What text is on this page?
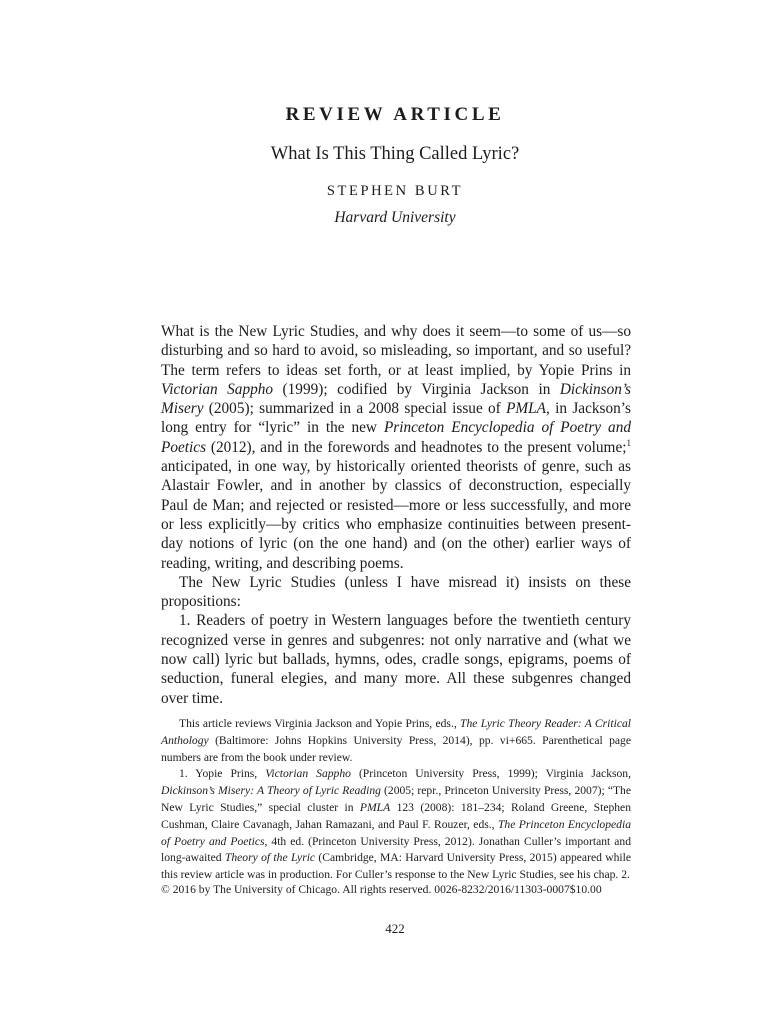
REVIEW ARTICLE
What Is This Thing Called Lyric?

STEPHEN BURT

Harvard University

What is the New Lyric Studies, and why does it seem—to some of us—so disturbing and so hard to avoid, so misleading, so important, and so useful? The term refers to ideas set forth, or at least implied, by Yopie Prins in Victorian Sappho (1999); codified by Virginia Jackson in Dickinson’s Misery (2005); summarized in a 2008 special issue of PMLA, in Jackson’s long entry for “lyric” in the new Princeton Encyclopedia of Poetry and Poetics (2012), and in the forewords and headnotes to the present volume;$^1$ anticipated, in one way, by historically oriented theorists of genre, such as Alastair Fowler, and in another by classics of deconstruction, especially Paul de Man; and rejected or resisted—more or less successfully, and more or less explicitly—by critics who emphasize continuities between present-day notions of lyric (on the one hand) and (on the other) earlier ways of reading, writing, and describing poems.

The New Lyric Studies (unless I have misread it) insists on these propositions:

1. Readers of poetry in Western languages before the twentieth century recognized verse in genres and subgenres: not only narrative and (what we now call) lyric but ballads, hymns, odes, cradle songs, epigrams, poems of seduction, funeral elegies, and many more. All these subgenres changed over time.

This article reviews Virginia Jackson and Yopie Prins, eds., The Lyric Theory Reader: A Critical Anthology (Baltimore: Johns Hopkins University Press, 2014), pp. vi+665. Parenthetical page numbers are from the book under review.

1. Yopie Prins, Victorian Sappho (Princeton University Press, 1999); Virginia Jackson, Dickinson’s Misery: A Theory of Lyric Reading (2005; repr., Princeton University Press, 2007); “The New Lyric Studies,” special cluster in PMLA 123 (2008): 181–234; Roland Greene, Stephen Cushman, Claire Cavanagh, Jahan Ramazani, and Paul F. Rouzer, eds., The Princeton Encyclopedia of Poetry and Poetics, 4th ed. (Princeton University Press, 2012). Jonathan Culler’s important and long-awaited Theory of the Lyric (Cambridge, MA: Harvard University Press, 2015) appeared while this review article was in production. For Culler’s response to the New Lyric Studies, see his chap. 2.

© 2016 by The University of Chicago. All rights reserved. 0026-8232/2016/11303-0007$10.00

422
